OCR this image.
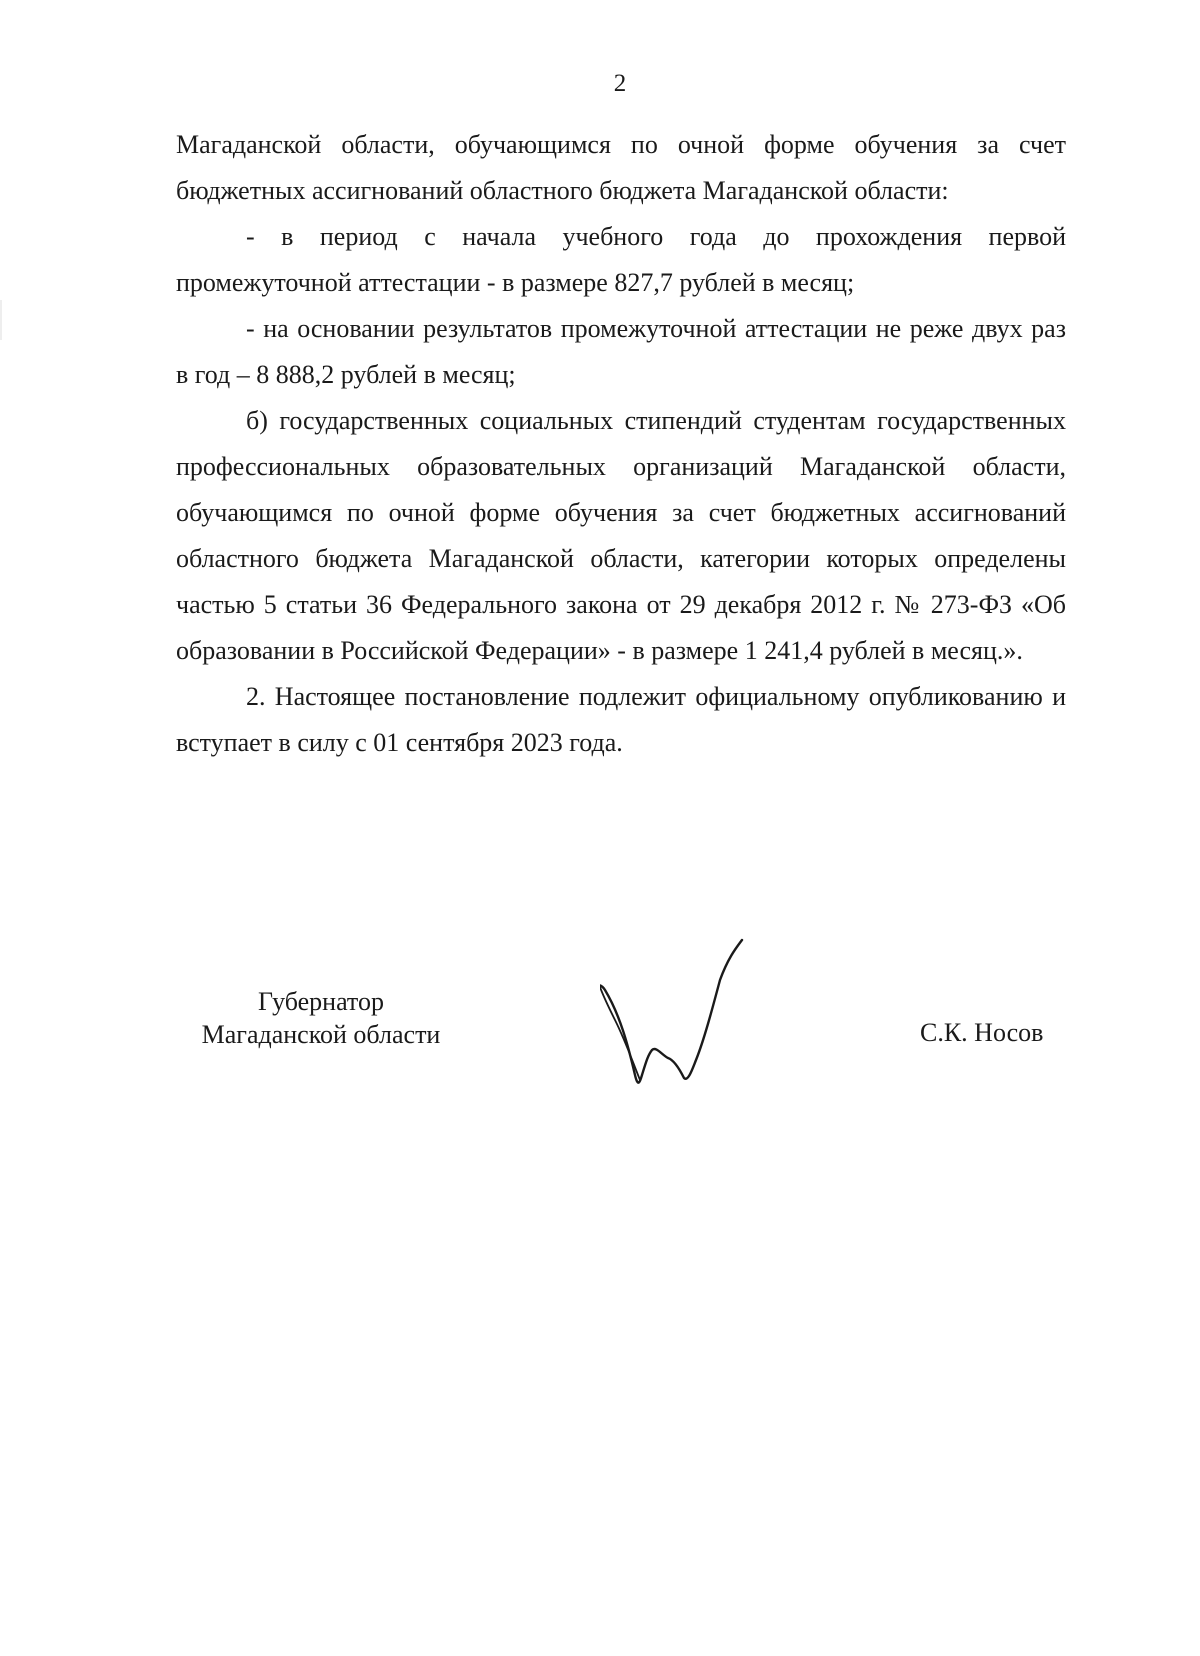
2

Магаданской области, обучающимся по очной форме обучения за счет бюджетных ассигнований областного бюджета Магаданской области:

- в период с начала учебного года до прохождения первой промежуточной аттестации - в размере 827,7 рублей в месяц;

- на основании результатов промежуточной аттестации не реже двух раз в год – 8 888,2 рублей в месяц;

б) государственных социальных стипендий студентам государственных профессиональных образовательных организаций Магаданской области, обучающимся по очной форме обучения за счет бюджетных ассигнований областного бюджета Магаданской области, категории которых определены частью 5 статьи 36 Федерального закона от 29 декабря 2012 г. № 273-ФЗ «Об образовании в Российской Федерации» - в размере 1 241,4 рублей в месяц.».

2. Настоящее постановление подлежит официальному опубликованию и вступает в силу с 01 сентября 2023 года.

Губернатор
Магаданской области	С.К. Носов
